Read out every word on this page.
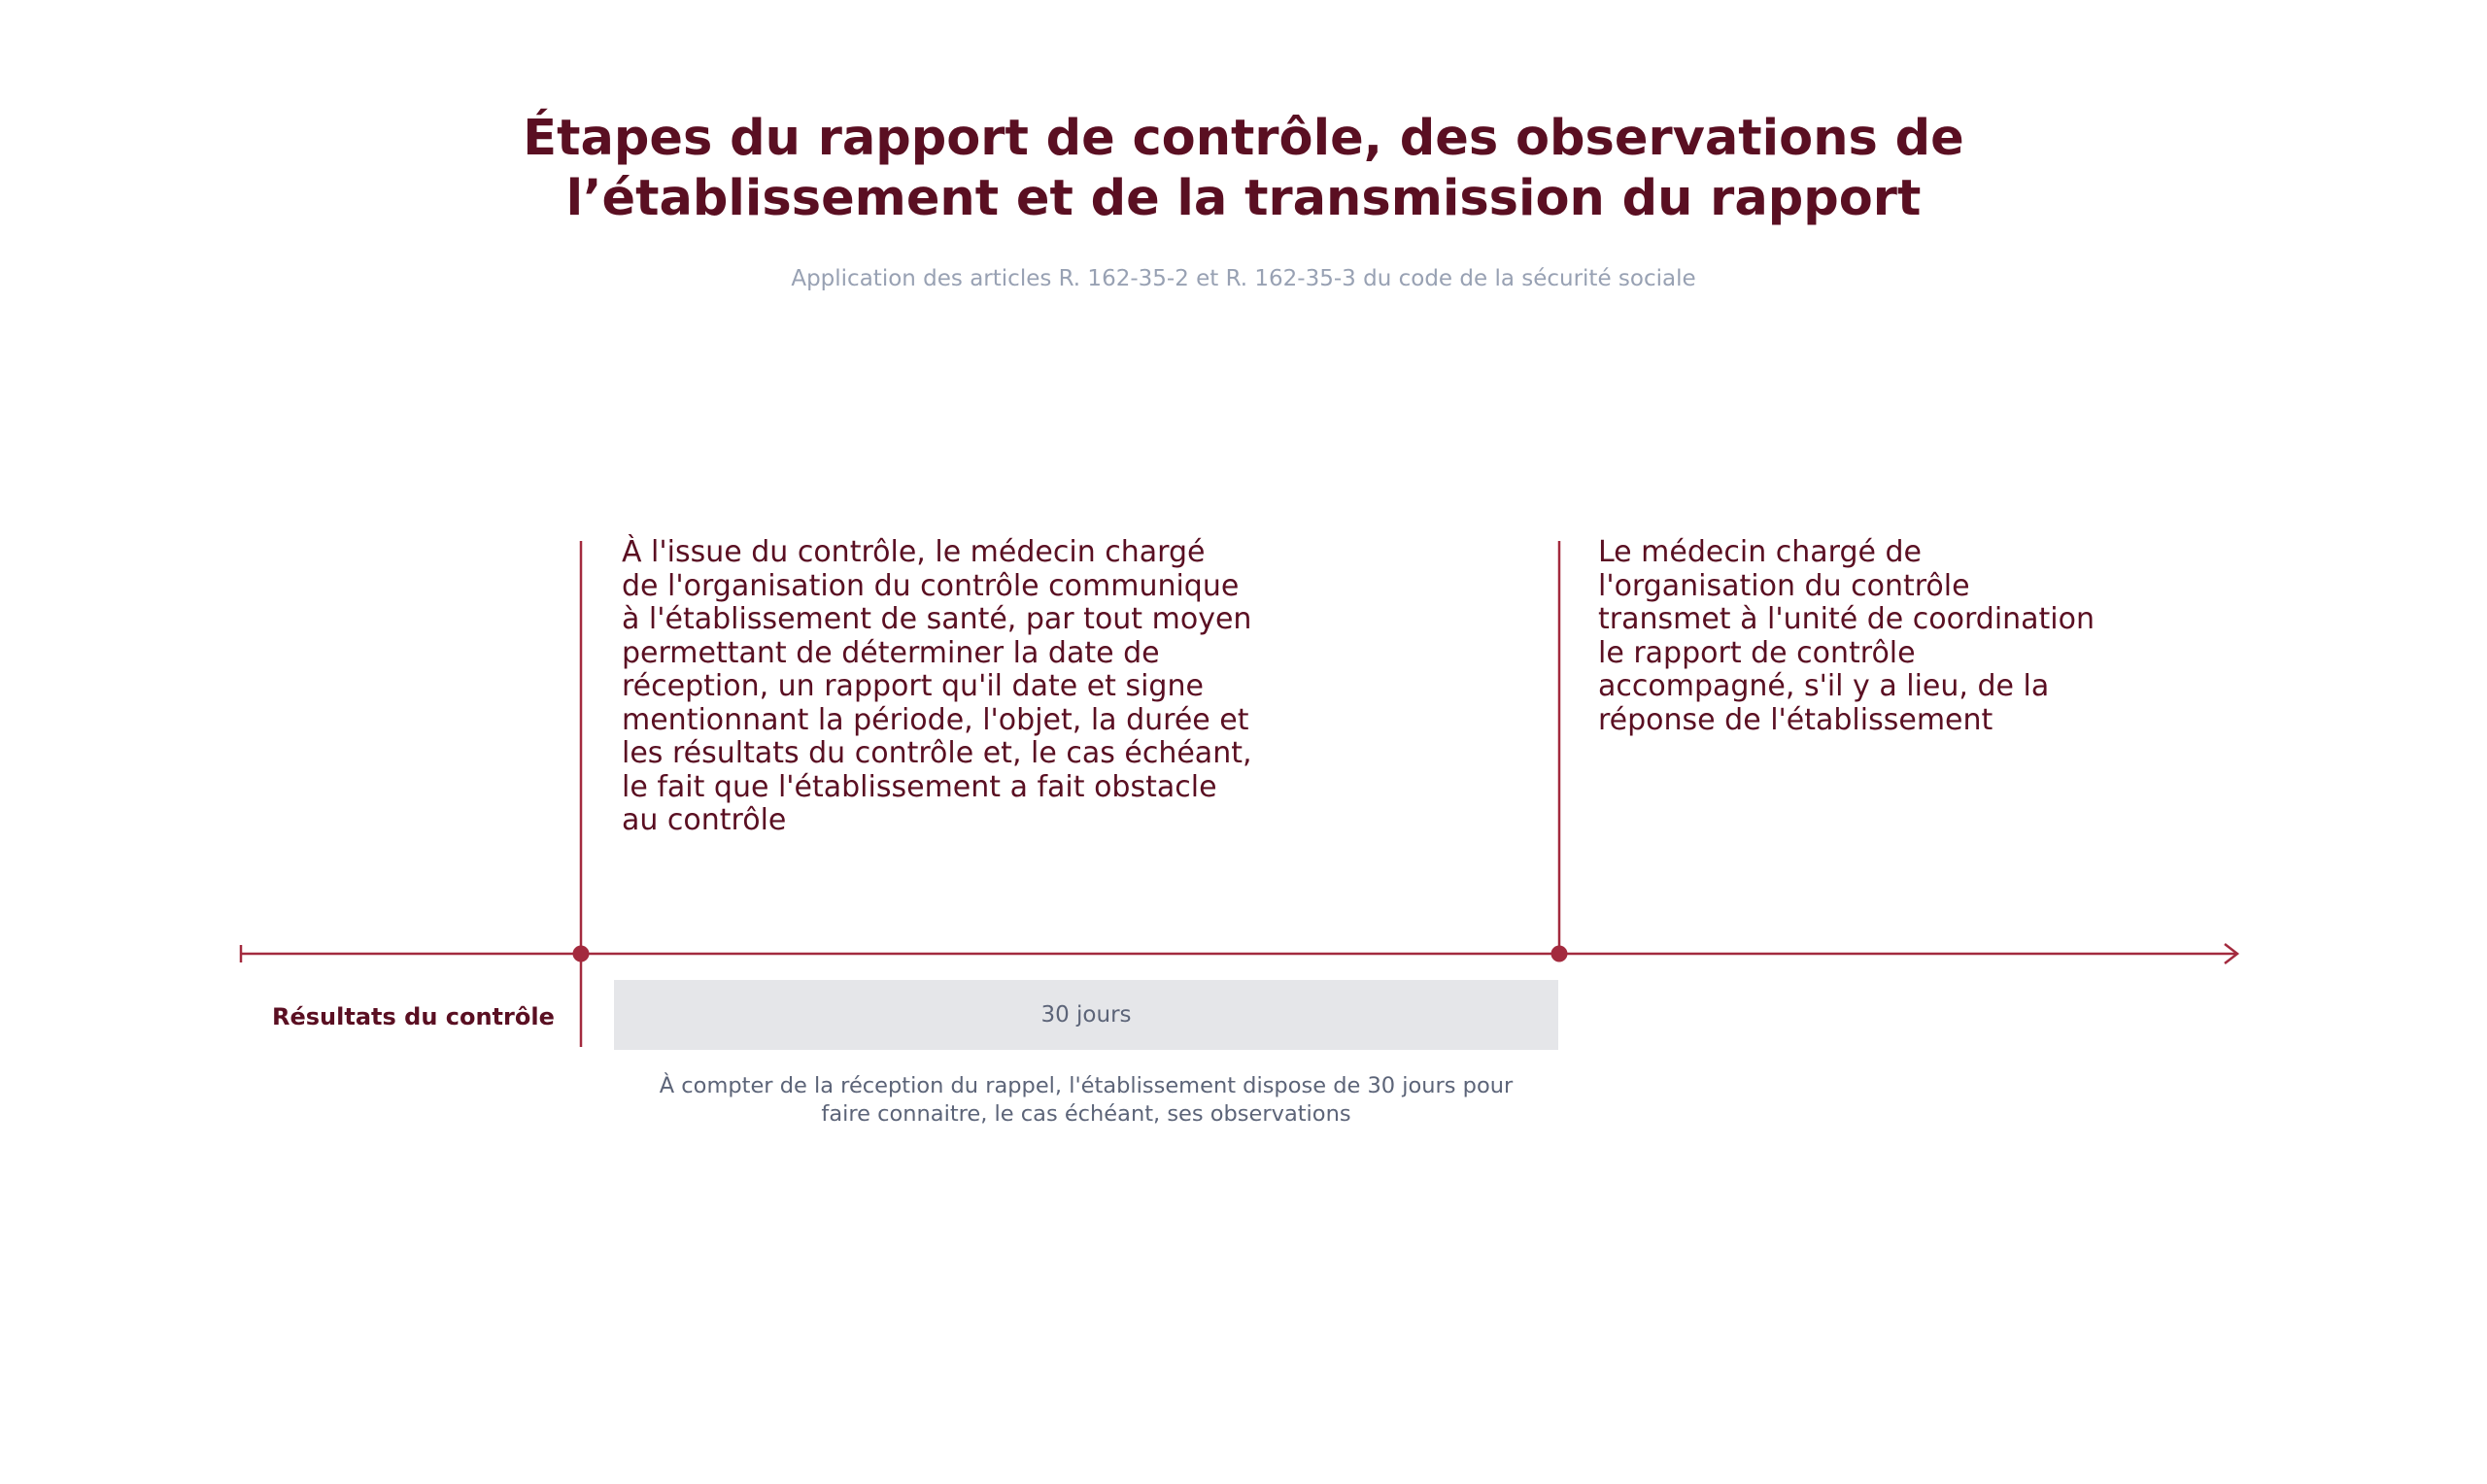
Étapes du rapport de contrôle, des observations de
l’établissement et de la transmission du rapport

Application des articles R. 162-35-2 et R. 162-35-3 du code de la sécurité sociale

À l'issue du contrôle, le médecin chargé
de l'organisation du contrôle communique
à l'établissement de santé, par tout moyen
permettant de déterminer la date de
réception, un rapport qu'il date et signe
mentionnant la période, l'objet, la durée et
les résultats du contrôle et, le cas échéant,
le fait que l'établissement a fait obstacle
au contrôle
Le médecin chargé de
l'organisation du contrôle
transmet à l'unité de coordination
le rapport de contrôle
accompagné, s'il y a lieu, de la
réponse de l'établissement
Résultats du contrôle	30 jours

À compter de la réception du rappel, l'établissement dispose de 30 jours pour
faire connaitre, le cas échéant, ses observations
